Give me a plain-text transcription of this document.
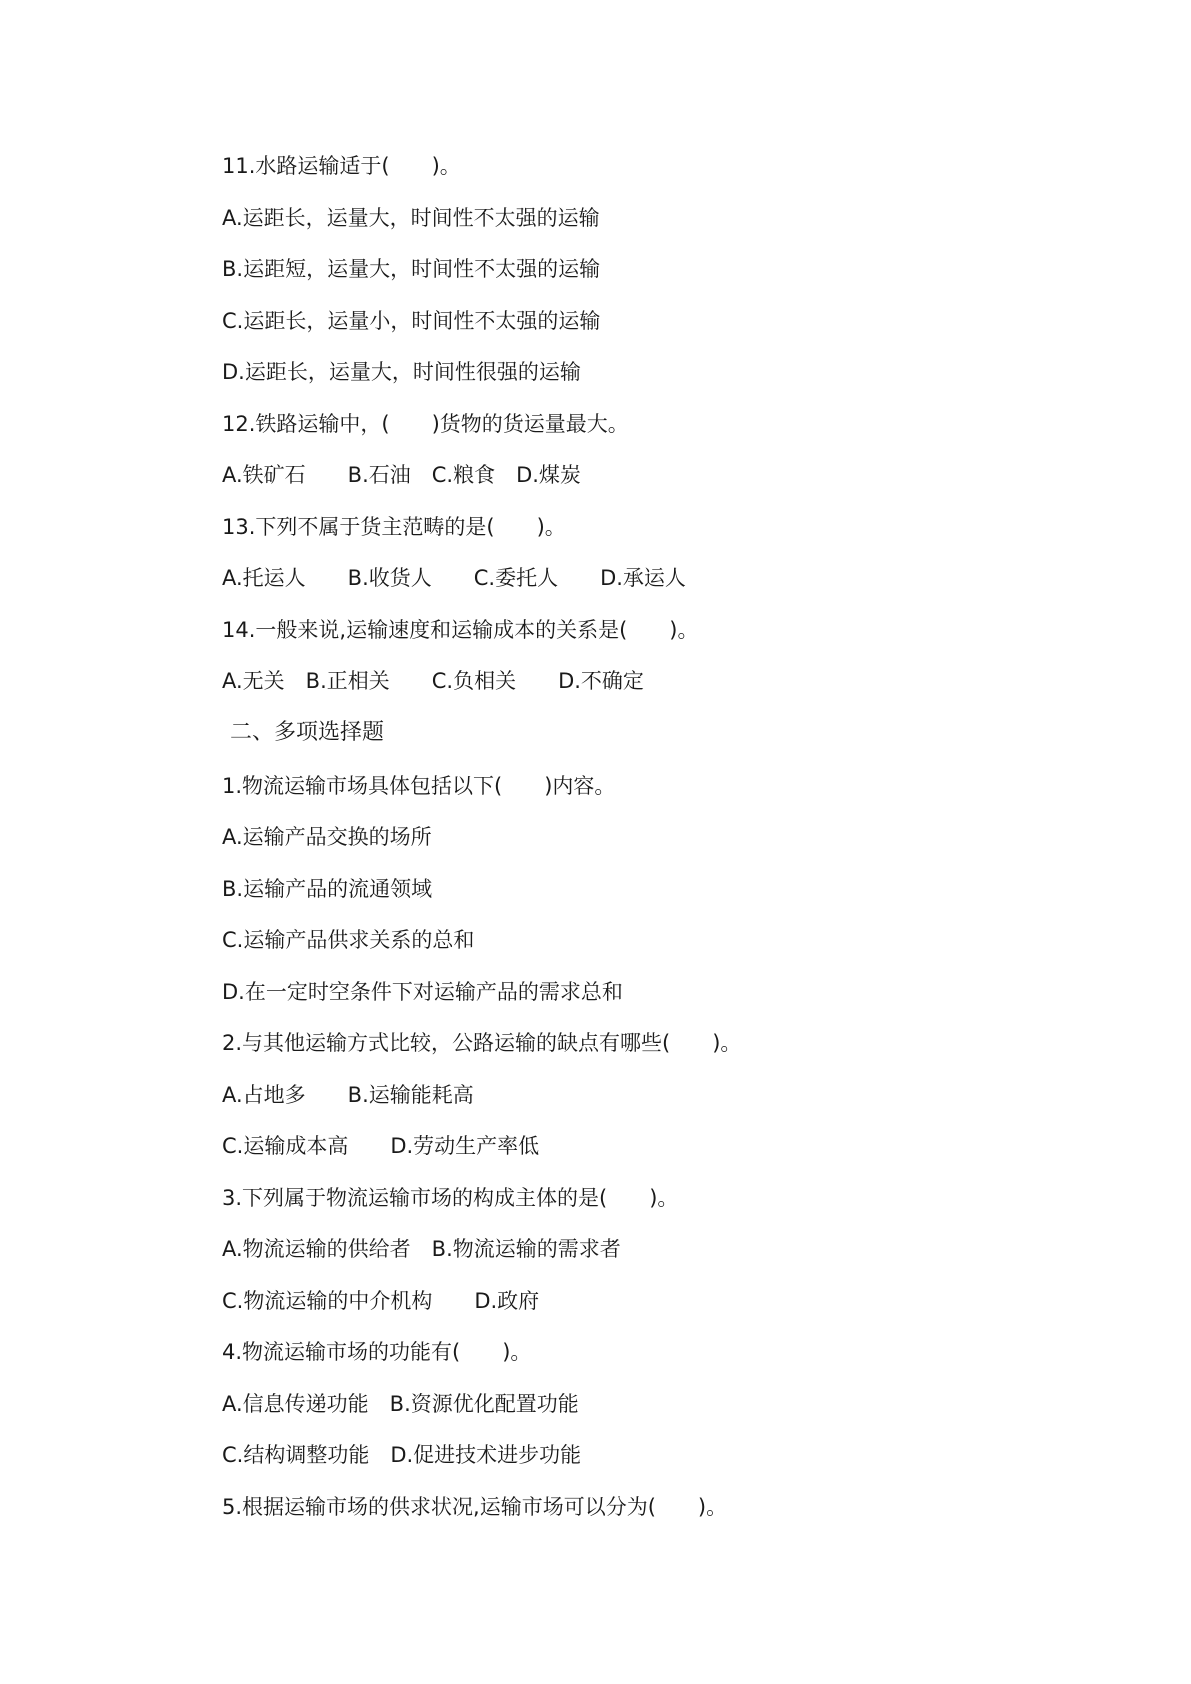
11.水路运输适于(　　)。
A.运距长，运量大，时间性不太强的运输
B.运距短，运量大，时间性不太强的运输
C.运距长，运量小，时间性不太强的运输
D.运距长，运量大，时间性很强的运输
12.铁路运输中，(　　)货物的货运量最大。
A.铁矿石　　B.石油　C.粮食　D.煤炭
13.下列不属于货主范畴的是(　　)。
A.托运人　　B.收货人　　C.委托人　　D.承运人
14.一般来说,运输速度和运输成本的关系是(　　)。
A.无关　B.正相关　　C.负相关　　D.不确定
二、多项选择题
1.物流运输市场具体包括以下(　　)内容。
A.运输产品交换的场所
B.运输产品的流通领域
C.运输产品供求关系的总和
D.在一定时空条件下对运输产品的需求总和
2.与其他运输方式比较，公路运输的缺点有哪些(　　)。
A.占地多　　B.运输能耗高
C.运输成本高　　D.劳动生产率低
3.下列属于物流运输市场的构成主体的是(　　)。
A.物流运输的供给者　B.物流运输的需求者
C.物流运输的中介机构　　D.政府
4.物流运输市场的功能有(　　)。
A.信息传递功能　B.资源优化配置功能
C.结构调整功能　D.促进技术进步功能
5.根据运输市场的供求状况,运输市场可以分为(　　)。
